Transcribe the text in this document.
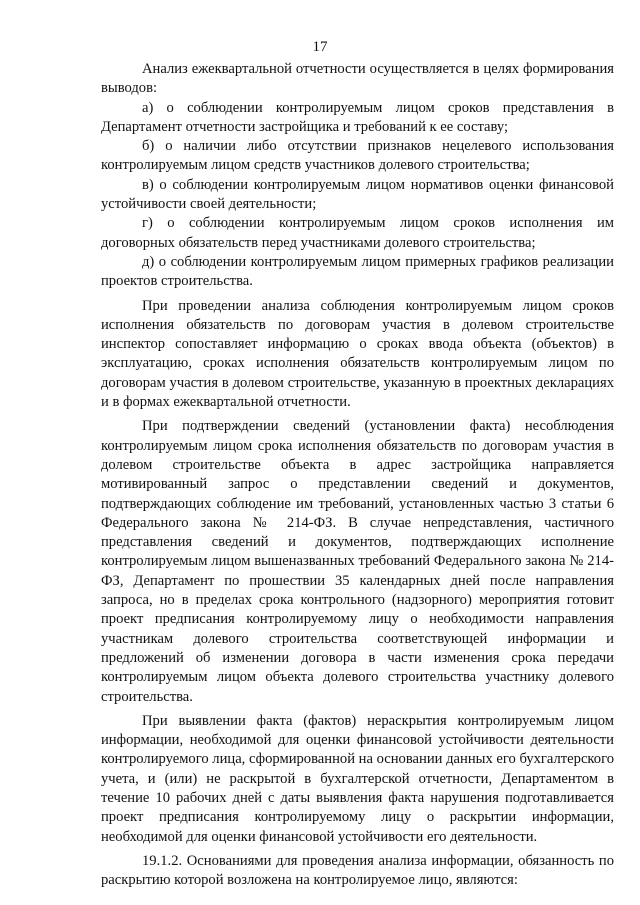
17

Анализ ежеквартальной отчетности осуществляется в целях формирования выводов:

а) о соблюдении контролируемым лицом сроков представления в Департамент отчетности застройщика и требований к ее составу;

б) о наличии либо отсутствии признаков нецелевого использования контролируемым лицом средств участников долевого строительства;

в) о соблюдении контролируемым лицом нормативов оценки финансовой устойчивости своей деятельности;

г) о соблюдении контролируемым лицом сроков исполнения им договорных обязательств перед участниками долевого строительства;

д) о соблюдении контролируемым лицом примерных графиков реализации проектов строительства.

При проведении анализа соблюдения контролируемым лицом сроков исполнения обязательств по договорам участия в долевом строительстве инспектор сопоставляет информацию о сроках ввода объекта (объектов) в эксплуатацию, сроках исполнения обязательств контролируемым лицом по договорам участия в долевом строительстве, указанную в проектных декларациях и в формах ежеквартальной отчетности.

При подтверждении сведений (установлении факта) несоблюдения контролируемым лицом срока исполнения обязательств по договорам участия в долевом строительстве объекта в адрес застройщика направляется мотивированный запрос о представлении сведений и документов, подтверждающих соблюдение им требований, установленных частью 3 статьи 6 Федерального закона № 214-ФЗ. В случае непредставления, частичного представления сведений и документов, подтверждающих исполнение контролируемым лицом вышеназванных требований Федерального закона № 214-ФЗ, Департамент по прошествии 35 календарных дней после направления запроса, но в пределах срока контрольного (надзорного) мероприятия готовит проект предписания контролируемому лицу о необходимости направления участникам долевого строительства соответствующей информации и предложений об изменении договора в части изменения срока передачи контролируемым лицом объекта долевого строительства участнику долевого строительства.

При выявлении факта (фактов) нераскрытия контролируемым лицом информации, необходимой для оценки финансовой устойчивости деятельности контролируемого лица, сформированной на основании данных его бухгалтерского учета, и (или) не раскрытой в бухгалтерской отчетности, Департаментом в течение 10 рабочих дней с даты выявления факта нарушения подготавливается проект предписания контролируемому лицу о раскрытии информации, необходимой для оценки финансовой устойчивости его деятельности.

19.1.2. Основаниями для проведения анализа информации, обязанность по раскрытию которой возложена на контролируемое лицо, являются:
